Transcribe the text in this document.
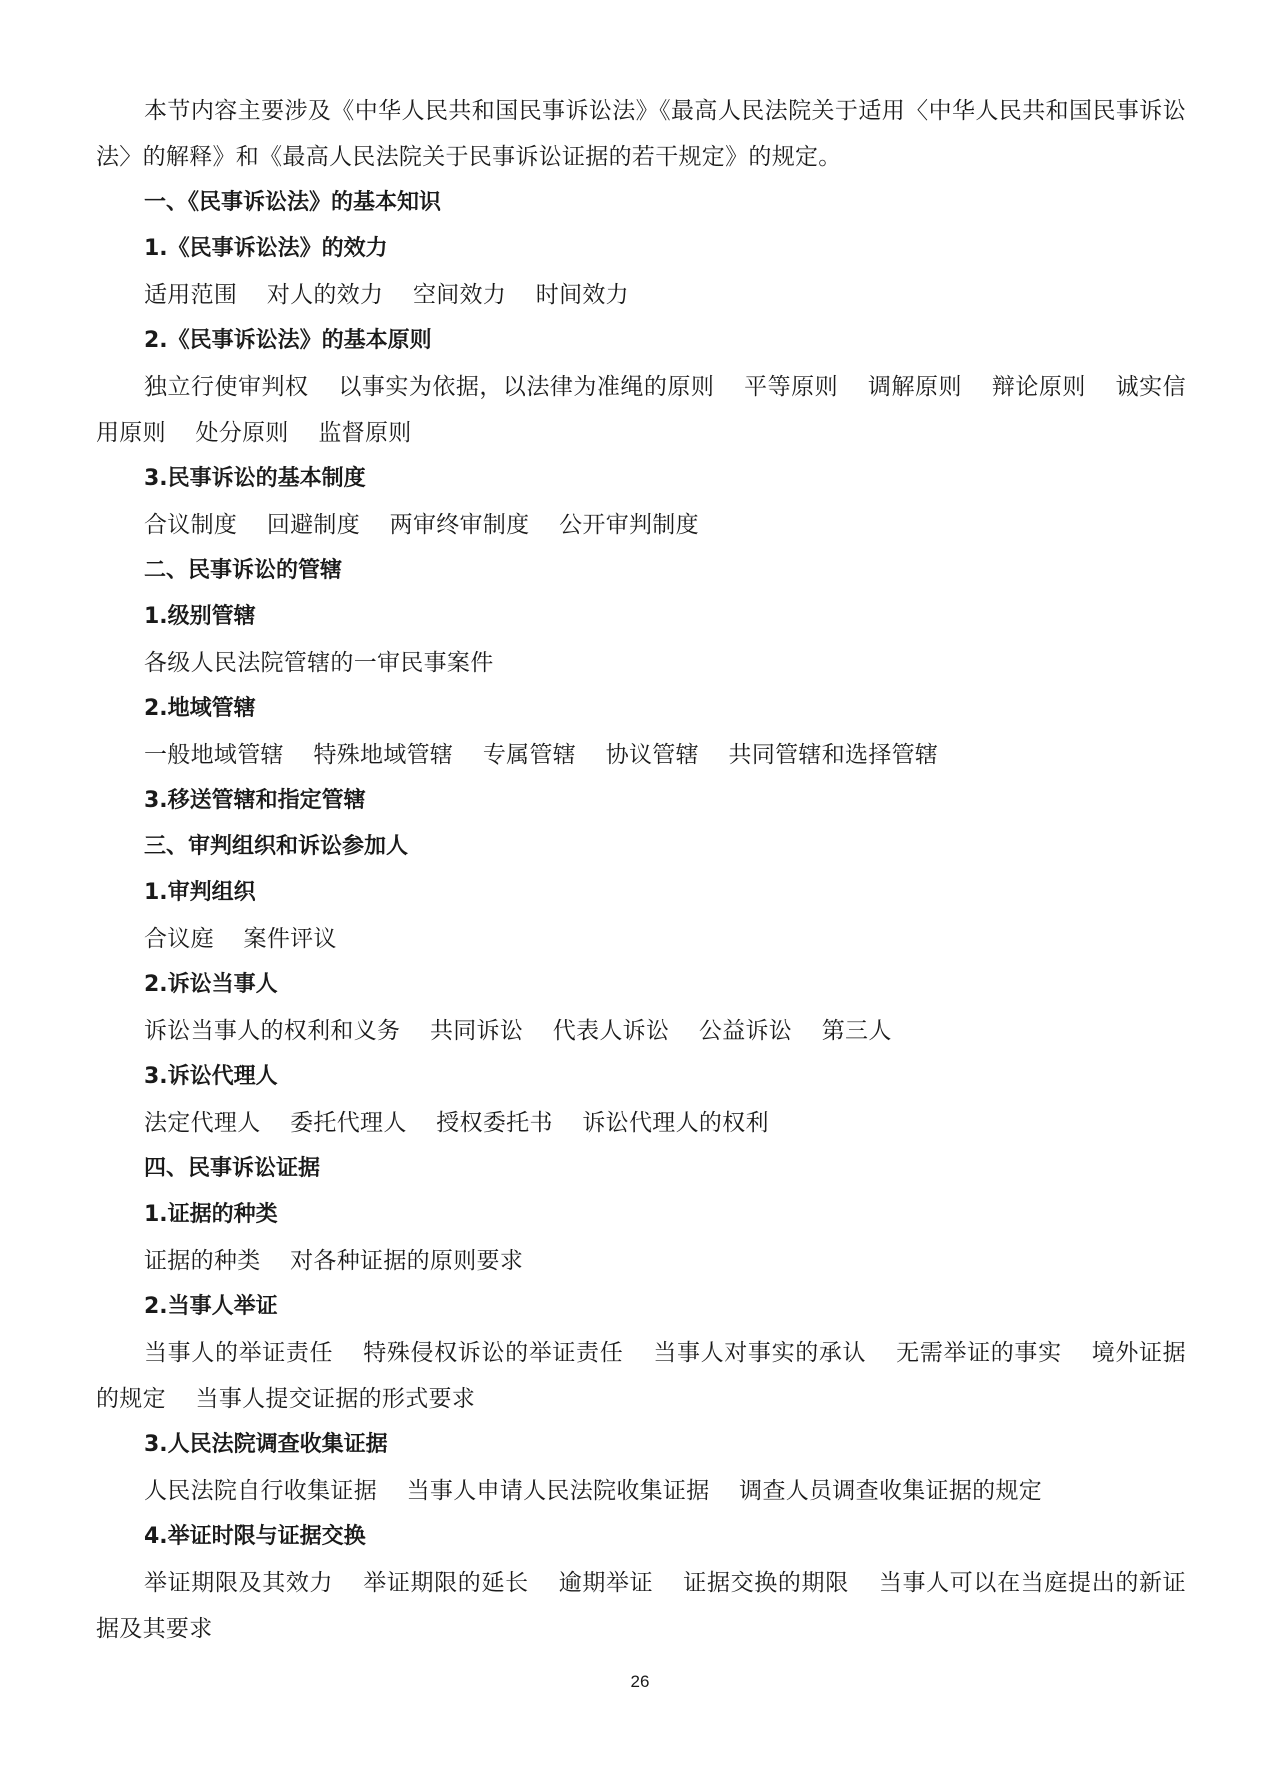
本节内容主要涉及《中华人民共和国民事诉讼法》《最高人民法院关于适用〈中华人民共和国民事诉讼法〉的解释》和《最高人民法院关于民事诉讼证据的若干规定》的规定。

一、《民事诉讼法》的基本知识

1.《民事诉讼法》的效力

适用范围 对人的效力 空间效力 时间效力

2.《民事诉讼法》的基本原则

独立行使审判权 以事实为依据，以法律为准绳的原则 平等原则 调解原则 辩论原则 诚实信用原则 处分原则 监督原则

3.民事诉讼的基本制度

合议制度 回避制度 两审终审制度 公开审判制度

二、民事诉讼的管辖

1.级别管辖

各级人民法院管辖的一审民事案件

2.地域管辖

一般地域管辖 特殊地域管辖 专属管辖 协议管辖 共同管辖和选择管辖

3.移送管辖和指定管辖

三、审判组织和诉讼参加人

1.审判组织

合议庭 案件评议

2.诉讼当事人

诉讼当事人的权利和义务 共同诉讼 代表人诉讼 公益诉讼 第三人

3.诉讼代理人

法定代理人 委托代理人 授权委托书 诉讼代理人的权利

四、民事诉讼证据

1.证据的种类

证据的种类 对各种证据的原则要求

2.当事人举证

当事人的举证责任 特殊侵权诉讼的举证责任 当事人对事实的承认 无需举证的事实 境外证据的规定 当事人提交证据的形式要求

3.人民法院调查收集证据

人民法院自行收集证据 当事人申请人民法院收集证据 调查人员调查收集证据的规定

4.举证时限与证据交换

举证期限及其效力 举证期限的延长 逾期举证 证据交换的期限 当事人可以在当庭提出的新证据及其要求

26
